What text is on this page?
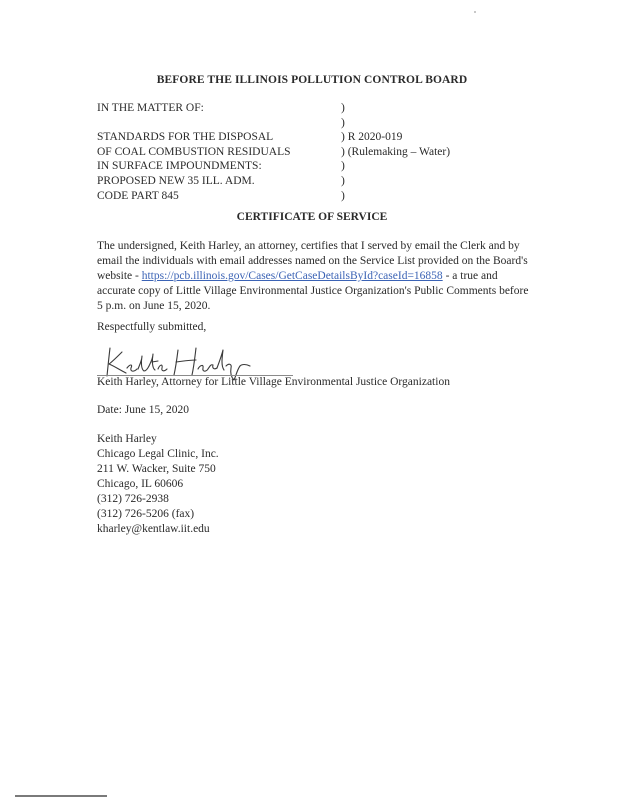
BEFORE THE ILLINOIS POLLUTION CONTROL BOARD
IN THE MATTER OF:
STANDARDS FOR THE DISPOSAL
OF COAL COMBUSTION RESIDUALS
IN SURFACE IMPOUNDMENTS:
PROPOSED NEW 35 ILL. ADM.
CODE PART 845
)
)
) R 2020-019
) (Rulemaking – Water)
)
)
)
CERTIFICATE OF SERVICE
The undersigned, Keith Harley, an attorney, certifies that I served by email the Clerk and by email the individuals with email addresses named on the Service List provided on the Board's website - https://pcb.illinois.gov/Cases/GetCaseDetailsById?caseId=16858 - a true and accurate copy of Little Village Environmental Justice Organization's Public Comments before 5 p.m. on June 15, 2020.
Respectfully submitted,
Keith Harley, Attorney for Little Village Environmental Justice Organization
Date: June 15, 2020
Keith Harley
Chicago Legal Clinic, Inc.
211 W. Wacker, Suite 750
Chicago, IL 60606
(312) 726-2938
(312) 726-5206 (fax)
kharley@kentlaw.iit.edu
